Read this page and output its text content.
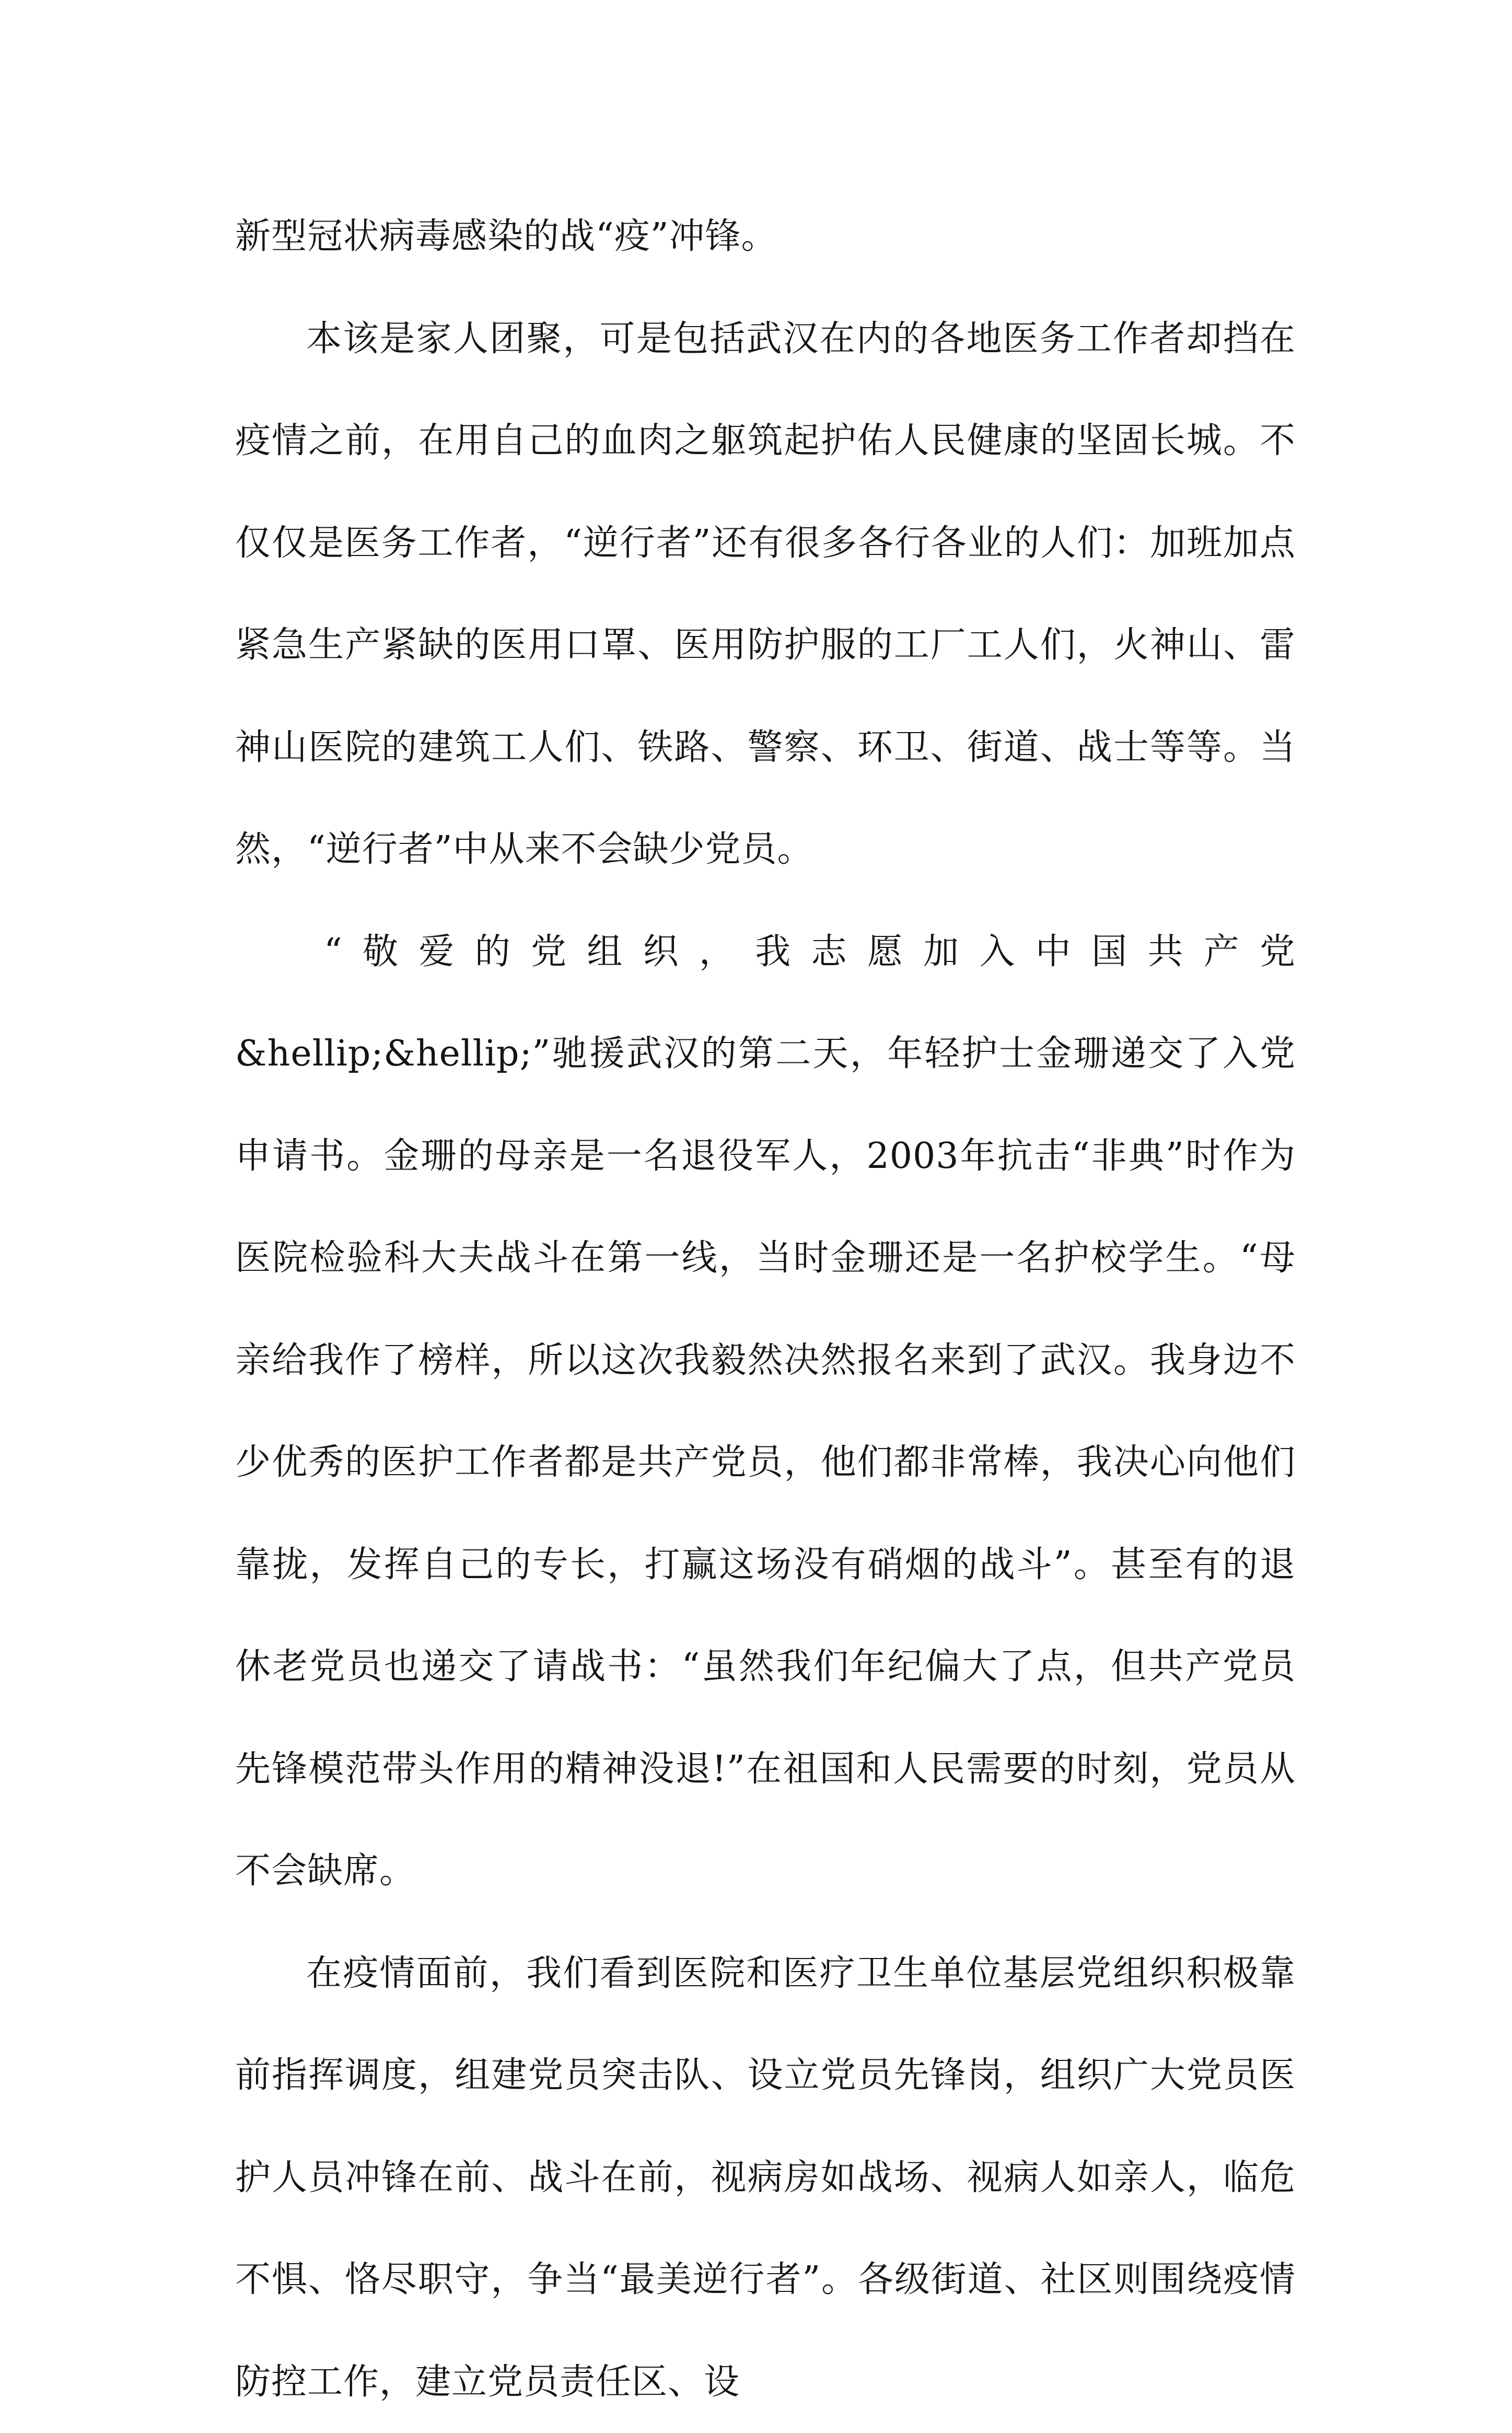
新型冠状病毒感染的战“疫”冲锋。

本该是家人团聚，可是包括武汉在内的各地医务工作者却挡在疫情之前，在用自己的血肉之躯筑起护佑人民健康的坚固长城。不仅仅是医务工作者，“逆行者”还有很多各行各业的人们：加班加点紧急生产紧缺的医用口罩、医用防护服的工厂工人们，火神山、雷神山医院的建筑工人们、铁路、警察、环卫、街道、战士等等。当然，“逆行者”中从来不会缺少党员。

“敬爱的党组织，我志愿加入中国共产党&hellip;&hellip;”驰援武汉的第二天，年轻护士金珊递交了入党申请书。金珊的母亲是一名退役军人，2003年抗击“非典”时作为医院检验科大夫战斗在第一线，当时金珊还是一名护校学生。“母亲给我作了榜样，所以这次我毅然决然报名来到了武汉。我身边不少优秀的医护工作者都是共产党员，他们都非常棒，我决心向他们靠拢，发挥自己的专长，打赢这场没有硝烟的战斗”。甚至有的退休老党员也递交了请战书：“虽然我们年纪偏大了点，但共产党员先锋模范带头作用的精神没退!”在祖国和人民需要的时刻，党员从不会缺席。

在疫情面前，我们看到医院和医疗卫生单位基层党组织积极靠前指挥调度，组建党员突击队、设立党员先锋岗，组织广大党员医护人员冲锋在前、战斗在前，视病房如战场、视病人如亲人，临危不惧、恪尽职守，争当“最美逆行者”。各级街道、社区则围绕疫情防控工作，建立党员责任区、设
